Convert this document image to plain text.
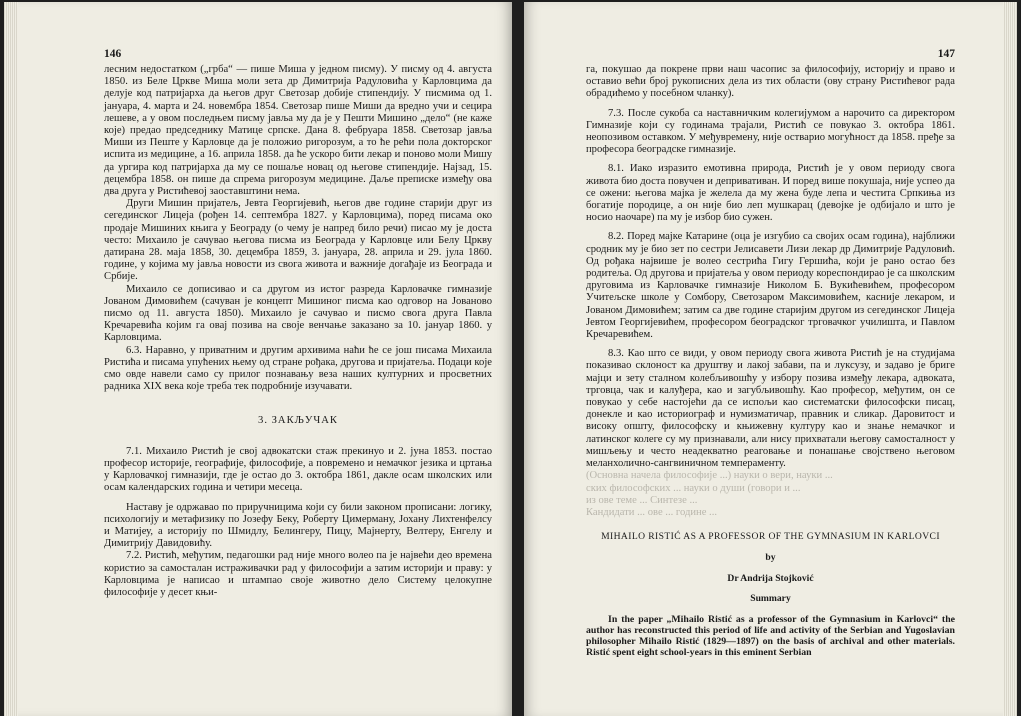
146

лесним недостатком („грба“ — пише Миша у једном писму). У писму од 4. августа 1850. из Беле Цркве Миша моли зета др Димитрија Радуловића у Карловцима да делује код патријарха да његов друг Светозар добије стипендију. У писмима од 1. јануара, 4. марта и 24. новембра 1854. Светозар пише Миши да вредно учи и сецира лешеве, а у овом последњем писму јавља му да је у Пешти Мишино „дело“ (не каже које) предао председнику Матице српске. Дана 8. фебруара 1858. Светозар јавља Миши из Пеште у Карловце да је положио ригорозум, а то ће рећи пола докторског испита из медицине, а 16. априла 1858. да ће ускоро бити лекар и поново моли Мишу да ургира код патријарха да му се пошаље новац од његове стипендије. Најзад, 15. децембра 1858. он пише да спрема ригорозум медицине. Даље преписке између ова два друга у Ристићевој заоставштини нема.

Други Мишин пријатељ, Јевта Георгијевић, његов две године старији друг из сегединског Лицеја (рођен 14. септембра 1827. у Карловцима), поред писама око продаје Мишиних књига у Београду (о чему је напред било речи) писао му је доста често: Михаило је сачувао његова писма из Београда у Карловце или Белу Цркву датирана 28. маја 1858, 30. децембра 1859, 3. јануара, 28. априла и 29. јула 1860. године, у којима му јавља новости из свога живота и важније догађаје из Београда и Србије.

Михаило се дописивао и са другом из истог разреда Карловачке гимназије Јованом Димовићем (сачуван је концепт Мишиног писма као одговор на Јованово писмо од 11. августа 1850). Михаило је сачувао и писмо свога друга Павла Кречаревића којим га овај позива на своје венчање заказано за 10. јануар 1860. у Карловцима.

6.3. Наравно, у приватним и другим архивима наћи ће се још писама Михаила Ристића и писама упућених њему од стране рођака, другова и пријатеља. Подаци које смо овде навели само су прилог познавању веза наших културних и просветних радника XIX века које треба тек подробније изучавати.

3. ЗАКЉУЧАК

7.1. Михаило Ристић је свој адвокатски стаж прекинуо и 2. јуна 1853. постао професор историје, географије, философије, а повремено и немачког језика и цртања у Карловачкој гимназији, где је остао до 3. октобра 1861, дакле осам школских или осам календарских година и четири месеца.

Наставу је одржавао по приручницима који су били законом прописани: логику, психологију и метафизику по Јозефу Беку, Роберту Цимерману, Јохану Лихтенфелсу и Матијеу, а историју по Шмидлу, Белингеру, Пицу, Мајнерту, Велтеру, Енгелу и Димитрију Давидовићу.

7.2. Ристић, међутим, педагошки рад није много волео па је највећи део времена користио за самосталан истраживачки рад у философији а затим историји и праву: у Карловцима је написао и штампао своје животно дело Систему целокупне философије у десет књи-

147

га, покушао да покрене први наш часопис за философију, историју и право и оставио већи број рукописних дела из тих области (ову страну Ристићевог рада обрадићемо у посебном чланку).

7.3. После сукоба са наставничким колегијумом а нарочито са директором Гимназије који су годинама трајали, Ристић се повукао 3. октобра 1861. неопозивом оставком. У међувремену, није остварио могућност да 1858. пређе за професора београдске гимназије.

8.1. Иако изразито емотивна природа, Ристић је у овом периоду свога живота био доста повучен и депривативан. И поред више покушаја, није успео да се ожени: његова мајка је желела да му жена буде лепа и честита Српкиња из богатије породице, а он није био леп мушкарац (девојке је одбијало и што је носио наочаре) па му је избор био сужен.

8.2. Поред мајке Катарине (оца је изгубио са својих осам година), најближи сродник му је био зет по сестри Јелисавети Лизи лекар др Димитрије Радуловић. Од рођака највише је волео сестрића Гигу Гершића, који је рано остао без родитеља. Од другова и пријатеља у овом периоду кореспондирао је са школским друговима из Карловачке гимназије Николом Б. Вукићевићем, професором Учитељске школе у Сомбору, Светозаром Максимовићем, касније лекаром, и Јованом Димовићем; затим са две године старијим другом из сегединског Лицеја Јевтом Георгијевићем, професором београдског трговачког училишта, и Павлом Кречаревићем.

8.3. Као што се види, у овом периоду свога живота Ристић је на студијама показивао склоност ка друштву и лакој забави, па и луксузу, и задаво је бриге мајци и зету сталном колебљивошћу у избору позива између лекара, адвоката, трговца, чак и калуђера, као и загубљивошћу. Као професор, међутим, он се повукао у себе настојећи да се испољи као систематски философски писац, донекле и као историограф и нумизматичар, правник и сликар. Даровитост и високу општу, философску и књижевну културу као и знање немачког и латинског колеге су му признавали, али нису прихватали његову самосталност у мишљењу и често неадекватно реаговање и понашање својствено његовом меланхолично-сангвиничном темпераменту.

(Основна начела философије ...) науки о вери, науки ...
ских философских ... науки о души (говори и ...
из ове теме ... Синтезе ...
Кандидати ... ове ... године ...
MIHAILO RISTIĆ AS A PROFESSOR OF THE GYMNASIUM IN KARLOVCI
by
Dr Andrija Stojković
Summary

In the paper „Mihailo Ristić as a professor of the Gymnasium in Karlovci“ the author has reconstructed this period of life and activity of the Serbian and Yugoslavian philosopher Mihailo Ristić (1829—1897) on the basis of archival and other materials. Ristić spent eight school-years in this eminent Serbian
